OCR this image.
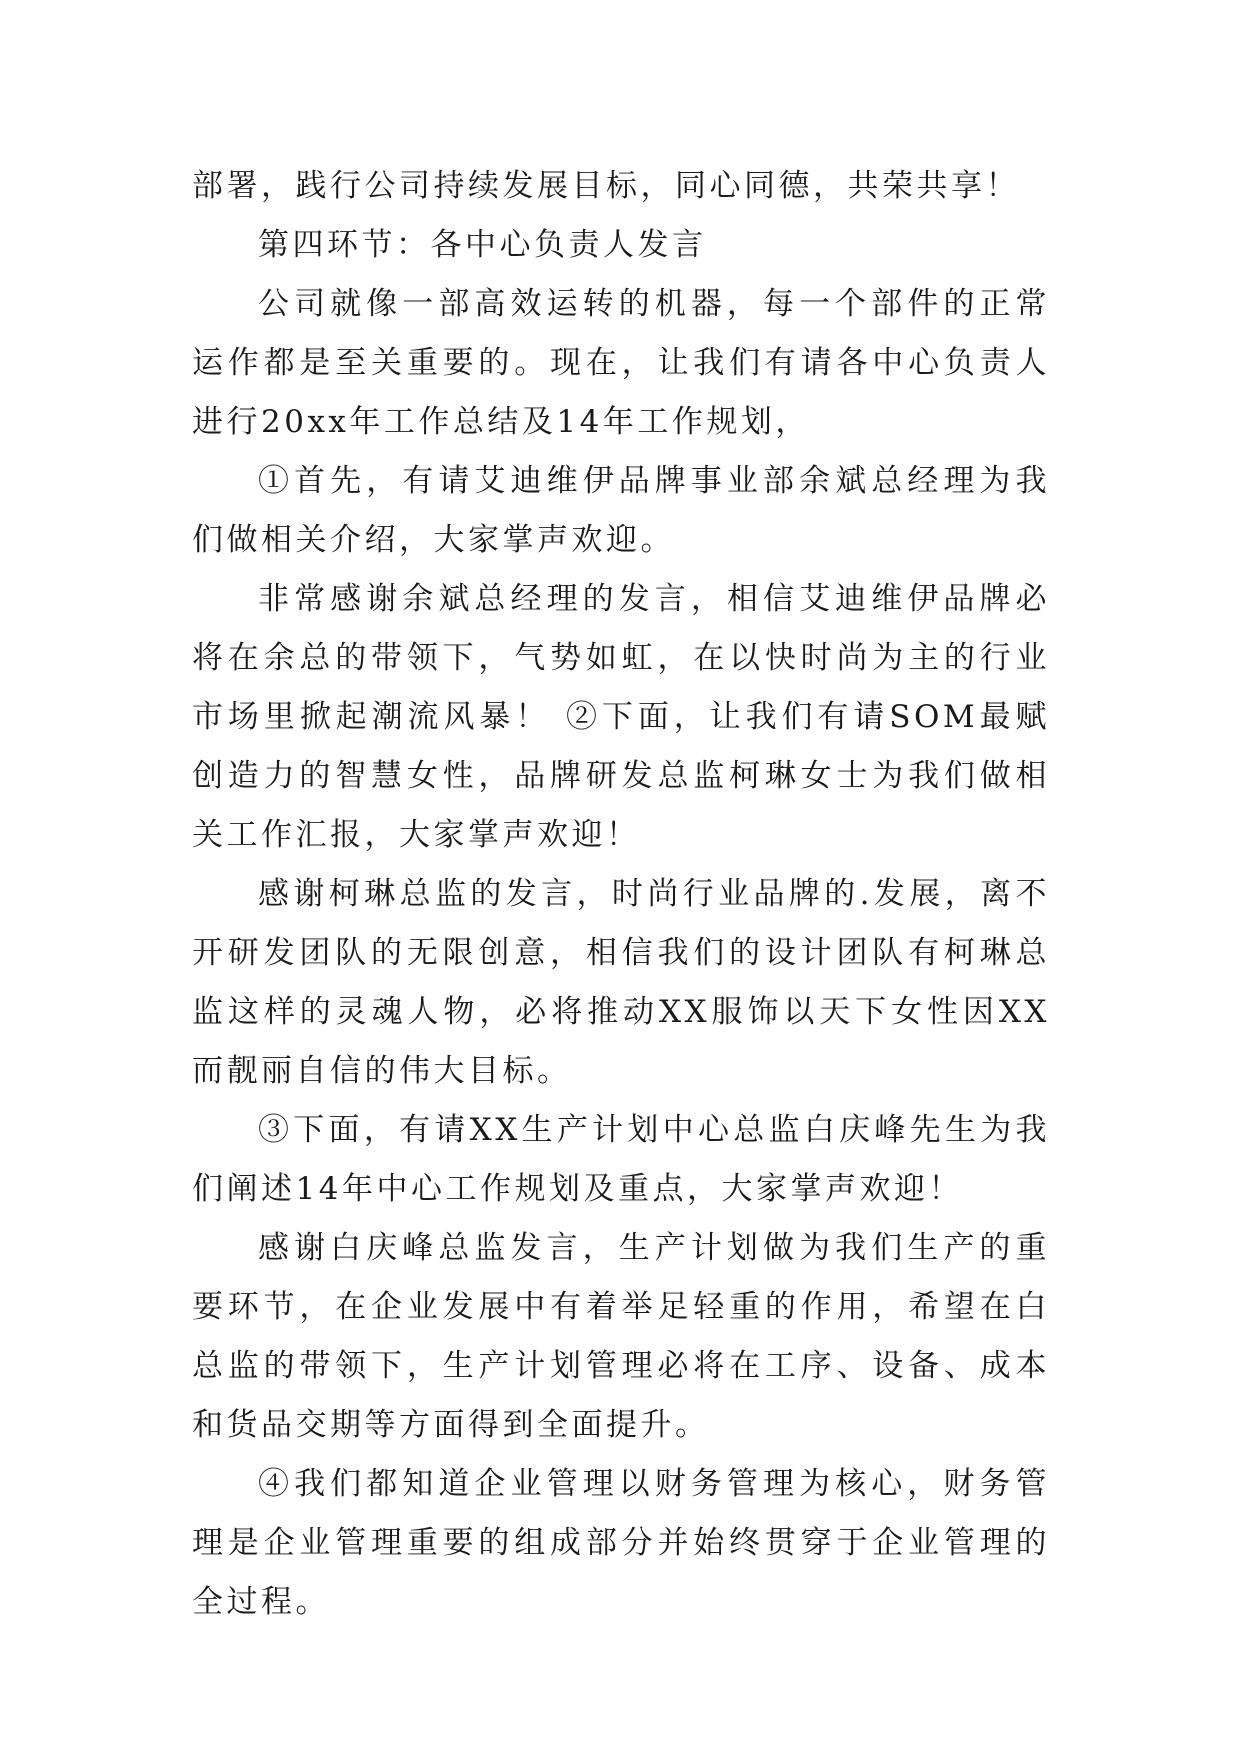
部署，践行公司持续发展目标，同心同德，共荣共享！

第四环节：各中心负责人发言

公司就像一部高效运转的机器，每一个部件的正常运作都是至关重要的。现在，让我们有请各中心负责人进行20xx年工作总结及14年工作规划，

①首先，有请艾迪维伊品牌事业部余斌总经理为我们做相关介绍，大家掌声欢迎。

非常感谢余斌总经理的发言，相信艾迪维伊品牌必将在余总的带领下，气势如虹，在以快时尚为主的行业市场里掀起潮流风暴！ ②下面，让我们有请SOM最赋创造力的智慧女性，品牌研发总监柯琳女士为我们做相关工作汇报，大家掌声欢迎！

感谢柯琳总监的发言，时尚行业品牌的.发展，离不开研发团队的无限创意，相信我们的设计团队有柯琳总监这样的灵魂人物，必将推动XX服饰以天下女性因XX而靓丽自信的伟大目标。

③下面，有请XX生产计划中心总监白庆峰先生为我们阐述14年中心工作规划及重点，大家掌声欢迎！

感谢白庆峰总监发言，生产计划做为我们生产的重要环节，在企业发展中有着举足轻重的作用，希望在白总监的带领下，生产计划管理必将在工序、设备、成本和货品交期等方面得到全面提升。

④我们都知道企业管理以财务管理为核心，财务管理是企业管理重要的组成部分并始终贯穿于企业管理的全过程。
